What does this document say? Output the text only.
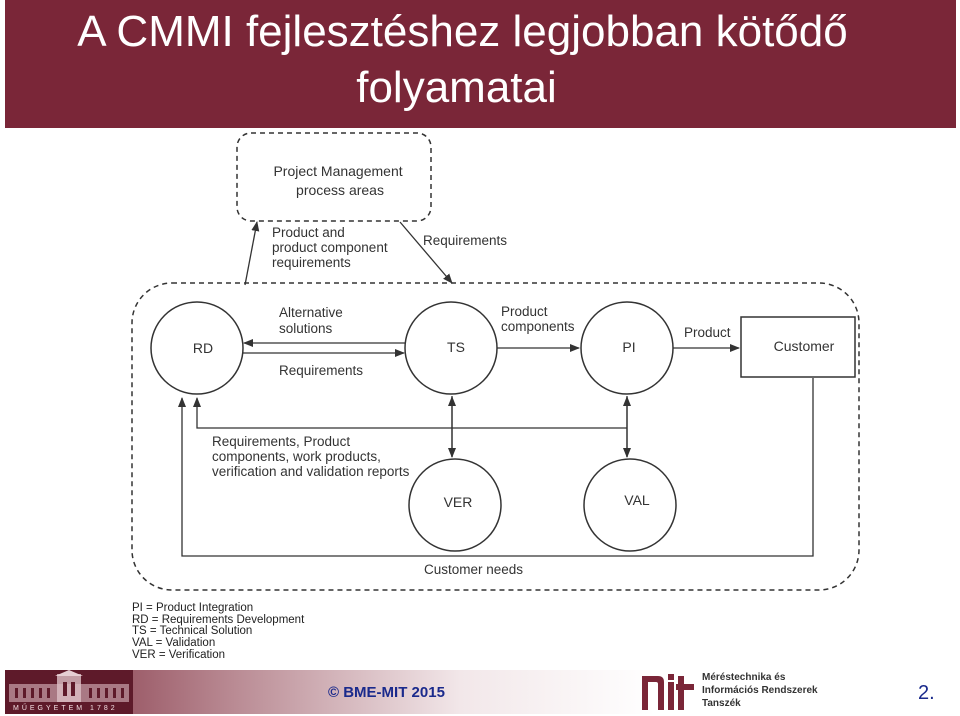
A CMMI fejlesztéshez legjobban kötődő
folyamatai
Project Management process areas
Product and product component requirements
Requirements
RD	TS	PI	Customer
VER	VAL
Alternative solutions
Requirements
Product components	Product
Requirements, Product components, work products, verification and validation reports
Customer needs
PI = Product Integration
RD = Requirements Development
TS = Technical Solution
VAL = Validation
VER = Verification
MŰEGYETEM 1782
© BME-MIT 2015
Méréstechnika és
Információs Rendszerek
Tanszék	2.
